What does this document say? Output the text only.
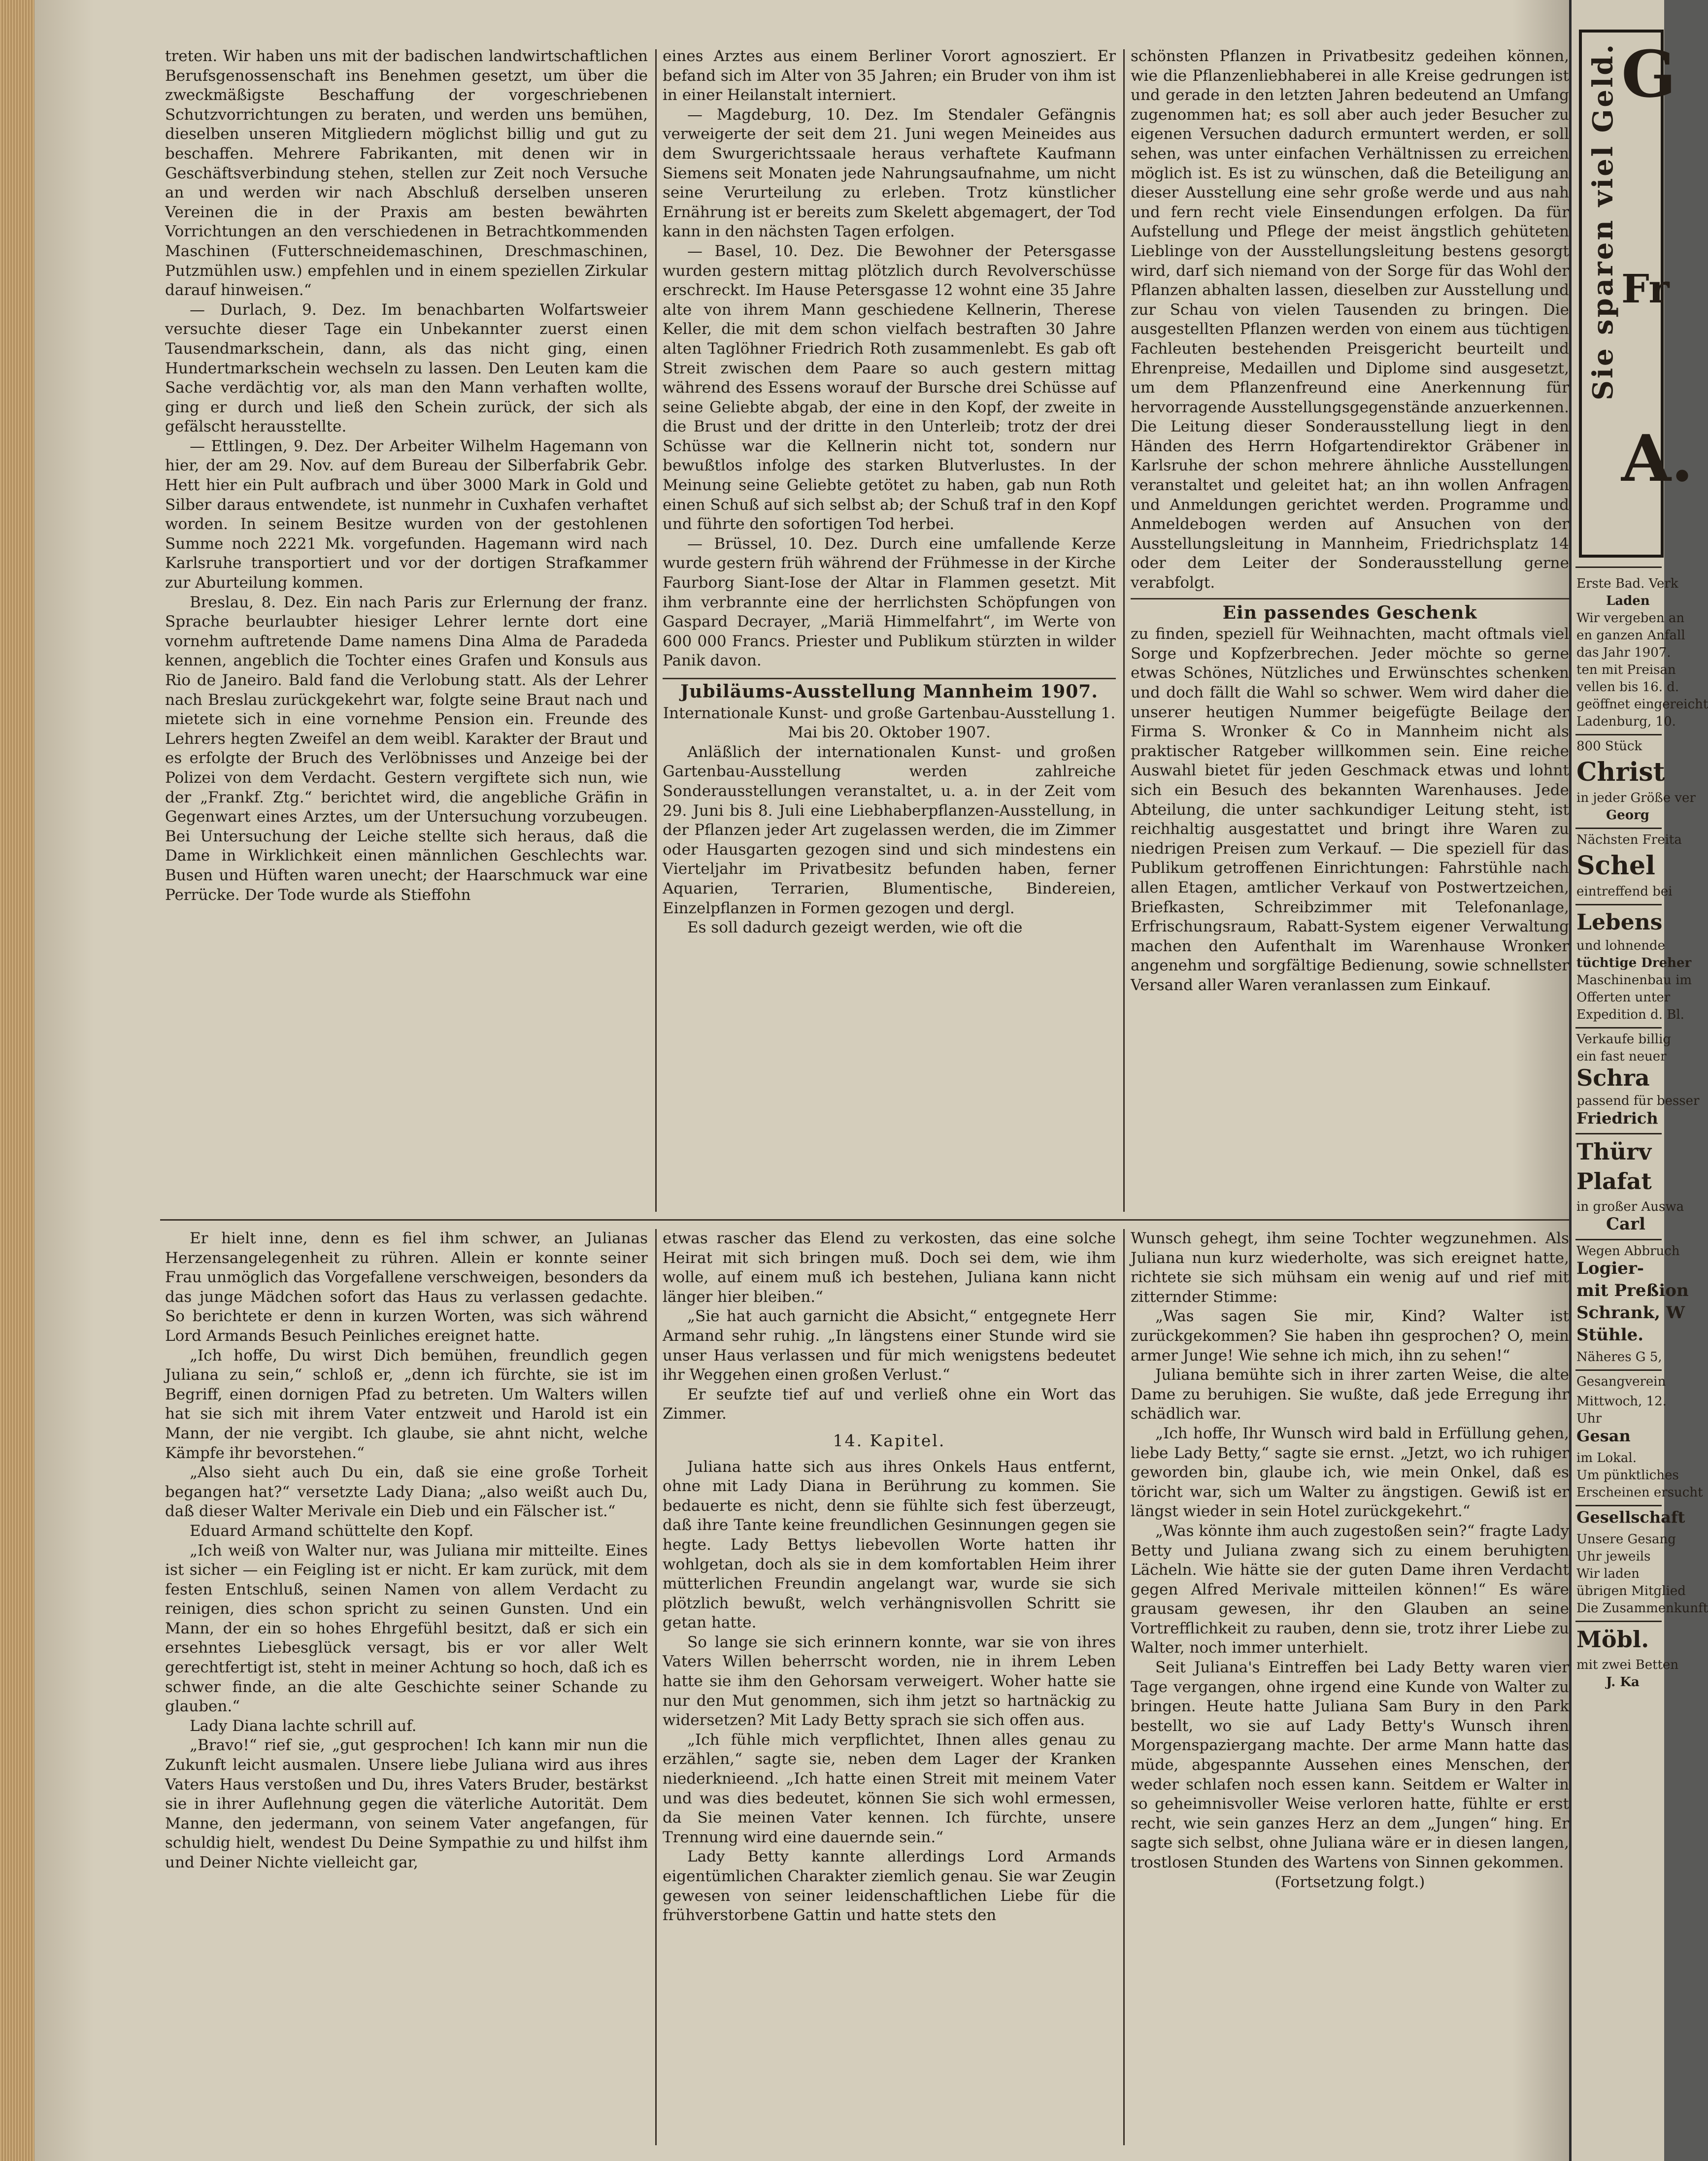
treten. Wir haben uns mit der badischen landwirtschaftlichen Berufsgenossenschaft ins Benehmen gesetzt, um über die zweckmäßigste Beschaffung der vorgeschriebenen Schutzvorrichtungen zu beraten, und werden uns bemühen, dieselben unseren Mitgliedern möglichst billig und gut zu beschaffen. Mehrere Fabrikanten, mit denen wir in Geschäftsverbindung stehen, stellen zur Zeit noch Versuche an und werden wir nach Abschluß derselben unseren Vereinen die in der Praxis am besten bewährten Vorrichtungen an den verschiedenen in Betrachtkommenden Maschinen (Futterschneidemaschinen, Dreschmaschinen, Putzmühlen usw.) empfehlen und in einem speziellen Zirkular darauf hinweisen.“

— Durlach, 9. Dez. Im benachbarten Wolfartsweier versuchte dieser Tage ein Unbekannter zuerst einen Tausendmarkschein, dann, als das nicht ging, einen Hundertmarkschein wechseln zu lassen. Den Leuten kam die Sache verdächtig vor, als man den Mann verhaften wollte, ging er durch und ließ den Schein zurück, der sich als gefälscht herausstellte.

— Ettlingen, 9. Dez. Der Arbeiter Wilhelm Hagemann von hier, der am 29. Nov. auf dem Bureau der Silberfabrik Gebr. Hett hier ein Pult aufbrach und über 3000 Mark in Gold und Silber daraus entwendete, ist nunmehr in Cuxhafen verhaftet worden. In seinem Besitze wurden von der gestohlenen Summe noch 2221 Mk. vorgefunden. Hagemann wird nach Karlsruhe transportiert und vor der dortigen Strafkammer zur Aburteilung kommen.

Breslau, 8. Dez. Ein nach Paris zur Erlernung der franz. Sprache beurlaubter hiesiger Lehrer lernte dort eine vornehm auftretende Dame namens Dina Alma de Paradeda kennen, angeblich die Tochter eines Grafen und Konsuls aus Rio de Janeiro. Bald fand die Verlobung statt. Als der Lehrer nach Breslau zurückgekehrt war, folgte seine Braut nach und mietete sich in eine vornehme Pension ein. Freunde des Lehrers hegten Zweifel an dem weibl. Karakter der Braut und es erfolgte der Bruch des Verlöbnisses und Anzeige bei der Polizei von dem Verdacht. Gestern vergiftete sich nun, wie der „Frankf. Ztg.“ berichtet wird, die angebliche Gräfin in Gegenwart eines Arztes, um der Untersuchung vorzubeugen. Bei Untersuchung der Leiche stellte sich heraus, daß die Dame in Wirklichkeit einen männlichen Geschlechts war. Busen und Hüften waren unecht; der Haarschmuck war eine Perrücke. Der Tode wurde als Stieffohn

eines Arztes aus einem Berliner Vorort agnosziert. Er befand sich im Alter von 35 Jahren; ein Bruder von ihm ist in einer Heilanstalt interniert.

— Magdeburg, 10. Dez. Im Stendaler Gefängnis verweigerte der seit dem 21. Juni wegen Meineides aus dem Swurgerichtssaale heraus verhaftete Kaufmann Siemens seit Monaten jede Nahrungsaufnahme, um nicht seine Verurteilung zu erleben. Trotz künstlicher Ernährung ist er bereits zum Skelett abgemagert, der Tod kann in den nächsten Tagen erfolgen.

— Basel, 10. Dez. Die Bewohner der Petersgasse wurden gestern mittag plötzlich durch Revolverschüsse erschreckt. Im Hause Petersgasse 12 wohnt eine 35 Jahre alte von ihrem Mann geschiedene Kellnerin, Therese Keller, die mit dem schon vielfach bestraften 30 Jahre alten Taglöhner Friedrich Roth zusammenlebt. Es gab oft Streit zwischen dem Paare so auch gestern mittag während des Essens worauf der Bursche drei Schüsse auf seine Geliebte abgab, der eine in den Kopf, der zweite in die Brust und der dritte in den Unterleib; trotz der drei Schüsse war die Kellnerin nicht tot, sondern nur bewußtlos infolge des starken Blutverlustes. In der Meinung seine Geliebte getötet zu haben, gab nun Roth einen Schuß auf sich selbst ab; der Schuß traf in den Kopf und führte den sofortigen Tod herbei.

— Brüssel, 10. Dez. Durch eine umfallende Kerze wurde gestern früh während der Frühmesse in der Kirche Faurborg Siant-Iose der Altar in Flammen gesetzt. Mit ihm verbrannte eine der herrlichsten Schöpfungen von Gaspard Decrayer, „Mariä Himmelfahrt“, im Werte von 600 000 Francs. Priester und Publikum stürzten in wilder Panik davon.

Jubiläums-Ausstellung Mannheim 1907.

Internationale Kunst- und große Gartenbau-Ausstellung 1. Mai bis 20. Oktober 1907.

Anläßlich der internationalen Kunst- und großen Gartenbau-Ausstellung werden zahlreiche Sonderausstellungen veranstaltet, u. a. in der Zeit vom 29. Juni bis 8. Juli eine Liebhaberpflanzen-Ausstellung, in der Pflanzen jeder Art zugelassen werden, die im Zimmer oder Hausgarten gezogen sind und sich mindestens ein Vierteljahr im Privatbesitz befunden haben, ferner Aquarien, Terrarien, Blumentische, Bindereien, Einzelpflanzen in Formen gezogen und dergl.

Es soll dadurch gezeigt werden, wie oft die

schönsten Pflanzen in Privatbesitz gedeihen können, wie die Pflanzenliebhaberei in alle Kreise gedrungen ist und gerade in den letzten Jahren bedeutend an Umfang zugenommen hat; es soll aber auch jeder Besucher zu eigenen Versuchen dadurch ermuntert werden, er soll sehen, was unter einfachen Verhältnissen zu erreichen möglich ist. Es ist zu wünschen, daß die Beteiligung an dieser Ausstellung eine sehr große werde und aus nah und fern recht viele Einsendungen erfolgen. Da für Aufstellung und Pflege der meist ängstlich gehüteten Lieblinge von der Ausstellungsleitung bestens gesorgt wird, darf sich niemand von der Sorge für das Wohl der Pflanzen abhalten lassen, dieselben zur Ausstellung und zur Schau von vielen Tausenden zu bringen. Die ausgestellten Pflanzen werden von einem aus tüchtigen Fachleuten bestehenden Preisgericht beurteilt und Ehrenpreise, Medaillen und Diplome sind ausgesetzt, um dem Pflanzenfreund eine Anerkennung für hervorragende Ausstellungsgegenstände anzuerkennen. Die Leitung dieser Sonderausstellung liegt in den Händen des Herrn Hofgartendirektor Gräbener in Karlsruhe der schon mehrere ähnliche Ausstellungen veranstaltet und geleitet hat; an ihn wollen Anfragen und Anmeldungen gerichtet werden. Programme und Anmeldebogen werden auf Ansuchen von der Ausstellungsleitung in Mannheim, Friedrichsplatz 14 oder dem Leiter der Sonderausstellung gerne verabfolgt.

Ein passendes Geschenk

zu finden, speziell für Weihnachten, macht oftmals viel Sorge und Kopfzerbrechen. Jeder möchte so gerne etwas Schönes, Nützliches und Erwünschtes schenken und doch fällt die Wahl so schwer. Wem wird daher die unserer heutigen Nummer beigefügte Beilage der Firma S. Wronker & Co in Mannheim nicht als praktischer Ratgeber willkommen sein. Eine reiche Auswahl bietet für jeden Geschmack etwas und lohnt sich ein Besuch des bekannten Warenhauses. Jede Abteilung, die unter sachkundiger Leitung steht, ist reichhaltig ausgestattet und bringt ihre Waren zu niedrigen Preisen zum Verkauf. — Die speziell für das Publikum getroffenen Einrichtungen: Fahrstühle nach allen Etagen, amtlicher Verkauf von Postwertzeichen, Briefkasten, Schreibzimmer mit Telefonanlage, Erfrischungsraum, Rabatt-System eigener Verwaltung machen den Aufenthalt im Warenhause Wronker angenehm und sorgfältige Bedienung, sowie schnellster Versand aller Waren veranlassen zum Einkauf.

Er hielt inne, denn es fiel ihm schwer, an Julianas Herzensangelegenheit zu rühren. Allein er konnte seiner Frau unmöglich das Vorgefallene verschweigen, besonders da das junge Mädchen sofort das Haus zu verlassen gedachte. So berichtete er denn in kurzen Worten, was sich während Lord Armands Besuch Peinliches ereignet hatte.

„Ich hoffe, Du wirst Dich bemühen, freundlich gegen Juliana zu sein,“ schloß er, „denn ich fürchte, sie ist im Begriff, einen dornigen Pfad zu betreten. Um Walters willen hat sie sich mit ihrem Vater entzweit und Harold ist ein Mann, der nie vergibt. Ich glaube, sie ahnt nicht, welche Kämpfe ihr bevorstehen.“

„Also sieht auch Du ein, daß sie eine große Torheit begangen hat?“ versetzte Lady Diana; „also weißt auch Du, daß dieser Walter Merivale ein Dieb und ein Fälscher ist.“

Eduard Armand schüttelte den Kopf.

„Ich weiß von Walter nur, was Juliana mir mitteilte. Eines ist sicher — ein Feigling ist er nicht. Er kam zurück, mit dem festen Entschluß, seinen Namen von allem Verdacht zu reinigen, dies schon spricht zu seinen Gunsten. Und ein Mann, der ein so hohes Ehrgefühl besitzt, daß er sich ein ersehntes Liebesglück versagt, bis er vor aller Welt gerechtfertigt ist, steht in meiner Achtung so hoch, daß ich es schwer finde, an die alte Geschichte seiner Schande zu glauben.“

Lady Diana lachte schrill auf.

„Bravo!“ rief sie, „gut gesprochen! Ich kann mir nun die Zukunft leicht ausmalen. Unsere liebe Juliana wird aus ihres Vaters Haus verstoßen und Du, ihres Vaters Bruder, bestärkst sie in ihrer Auflehnung gegen die väterliche Autorität. Dem Manne, den jedermann, von seinem Vater angefangen, für schuldig hielt, wendest Du Deine Sympathie zu und hilfst ihm und Deiner Nichte vielleicht gar,

etwas rascher das Elend zu verkosten, das eine solche Heirat mit sich bringen muß. Doch sei dem, wie ihm wolle, auf einem muß ich bestehen, Juliana kann nicht länger hier bleiben.“

„Sie hat auch garnicht die Absicht,“ entgegnete Herr Armand sehr ruhig. „In längstens einer Stunde wird sie unser Haus verlassen und für mich wenigstens bedeutet ihr Weggehen einen großen Verlust.“

Er seufzte tief auf und verließ ohne ein Wort das Zimmer.

14. Kapitel.

Juliana hatte sich aus ihres Onkels Haus entfernt, ohne mit Lady Diana in Berührung zu kommen. Sie bedauerte es nicht, denn sie fühlte sich fest überzeugt, daß ihre Tante keine freundlichen Gesinnungen gegen sie hegte. Lady Bettys liebevollen Worte hatten ihr wohlgetan, doch als sie in dem komfortablen Heim ihrer mütterlichen Freundin angelangt war, wurde sie sich plötzlich bewußt, welch verhängnisvollen Schritt sie getan hatte.

So lange sie sich erinnern konnte, war sie von ihres Vaters Willen beherrscht worden, nie in ihrem Leben hatte sie ihm den Gehorsam verweigert. Woher hatte sie nur den Mut genommen, sich ihm jetzt so hartnäckig zu widersetzen? Mit Lady Betty sprach sie sich offen aus.

„Ich fühle mich verpflichtet, Ihnen alles genau zu erzählen,“ sagte sie, neben dem Lager der Kranken niederknieend. „Ich hatte einen Streit mit meinem Vater und was dies bedeutet, können Sie sich wohl ermessen, da Sie meinen Vater kennen. Ich fürchte, unsere Trennung wird eine dauernde sein.“

Lady Betty kannte allerdings Lord Armands eigentümlichen Charakter ziemlich genau. Sie war Zeugin gewesen von seiner leidenschaftlichen Liebe für die frühverstorbene Gattin und hatte stets den

Wunsch gehegt, ihm seine Tochter wegzunehmen. Als Juliana nun kurz wiederholte, was sich ereignet hatte, richtete sie sich mühsam ein wenig auf und rief mit zitternder Stimme:

„Was sagen Sie mir, Kind? Walter ist zurückgekommen? Sie haben ihn gesprochen? O, mein armer Junge! Wie sehne ich mich, ihn zu sehen!“

Juliana bemühte sich in ihrer zarten Weise, die alte Dame zu beruhigen. Sie wußte, daß jede Erregung ihr schädlich war.

„Ich hoffe, Ihr Wunsch wird bald in Erfüllung gehen, liebe Lady Betty,“ sagte sie ernst. „Jetzt, wo ich ruhiger geworden bin, glaube ich, wie mein Onkel, daß es töricht war, sich um Walter zu ängstigen. Gewiß ist er längst wieder in sein Hotel zurückgekehrt.“

„Was könnte ihm auch zugestoßen sein?“ fragte Lady Betty und Juliana zwang sich zu einem beruhigten Lächeln. Wie hätte sie der guten Dame ihren Verdacht gegen Alfred Merivale mitteilen können!“ Es wäre grausam gewesen, ihr den Glauben an seine Vortrefflichkeit zu rauben, denn sie, trotz ihrer Liebe zu Walter, noch immer unterhielt.

Seit Juliana's Eintreffen bei Lady Betty waren vier Tage vergangen, ohne irgend eine Kunde von Walter zu bringen. Heute hatte Juliana Sam Bury in den Park bestellt, wo sie auf Lady Betty's Wunsch ihren Morgenspaziergang machte. Der arme Mann hatte das müde, abgespannte Aussehen eines Menschen, der weder schlafen noch essen kann. Seitdem er Walter in so geheimnisvoller Weise verloren hatte, fühlte er erst recht, wie sein ganzes Herz an dem „Jungen“ hing. Er sagte sich selbst, ohne Juliana wäre er in diesen langen, trostlosen Stunden des Wartens von Sinnen gekommen.

(Fortsetzung folgt.)

Sie sparen viel Geld. G
Fr
A.
Erste Bad. Verk
Laden
Wir vergeben an
en ganzen Anfall
das Jahr 1907.
ten mit Preisan
vellen bis 16. d.
geöffnet eingereicht
Ladenburg, 10.
800 Stück
Christ
in jeder Größe ver
Georg
Nächsten Freita
Schel
eintreffend bei
Lebens
und lohnende
tüchtige Dreher
Maschinenbau im
Offerten unter
Expedition d. Bl.
Verkaufe billig
ein fast neuer
Schra
passend für besser
Friedrich
Thürv
Plafat
in großer Auswa
Carl
Wegen Abbruch
Logier-
mit Preßion
Schrank, W
Stühle.
Näheres G 5,
Gesangverein
Mittwoch, 12.
Uhr
Gesan
im Lokal.
Um pünktliches
Erscheinen ersucht
Gesellschaft
Unsere Gesang
Uhr jeweils
Wir laden
übrigen Mitglied
Die Zusammenkunft
Möbl.
mit zwei Betten
J. Ka
